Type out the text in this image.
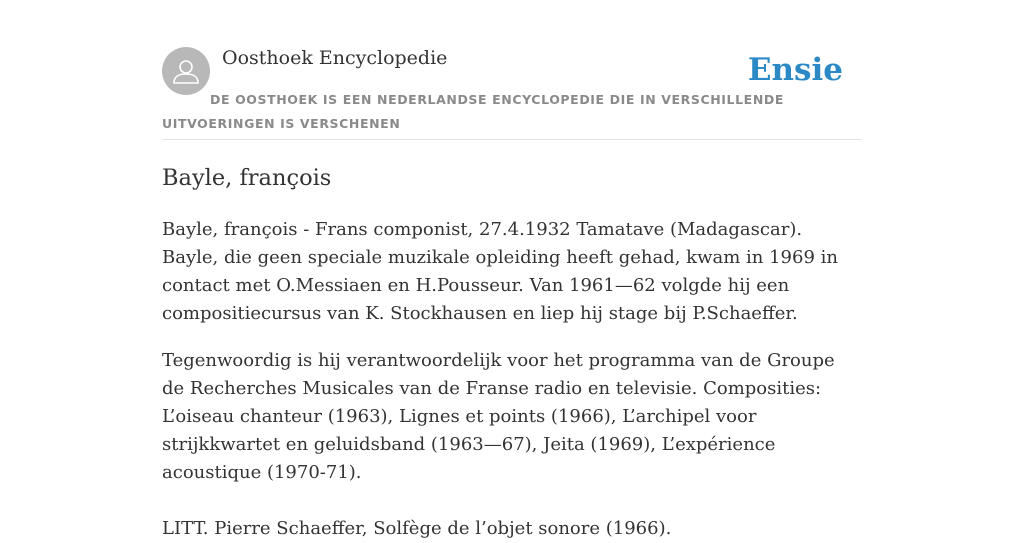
Oosthoek Encyclopedie	Ensie
DE OOSTHOEK IS EEN NEDERLANDSE ENCYCLOPEDIE DIE IN VERSCHILLENDE UITVOERINGEN IS VERSCHENEN
Bayle, françois

Bayle, françois - Frans componist, 27.4.1932 Tamatave (Madagascar). Bayle, die geen speciale muzikale opleiding heeft gehad, kwam in 1969 in contact met O.Messiaen en H.Pousseur. Van 1961—62 volgde hij een compositiecursus van K. Stockhausen en liep hij stage bij P.Schaeffer.

Tegenwoordig is hij verantwoordelijk voor het programma van de Groupe de Recherches Musicales van de Franse radio en televisie. Composities: L’oiseau chanteur (1963), Lignes et points (1966), L’archipel voor strijkkwartet en geluidsband (1963—67), Jeita (1969), L’expérience acoustique (1970-71).

LITT. Pierre Schaeffer, Solfège de l’objet sonore (1966).
